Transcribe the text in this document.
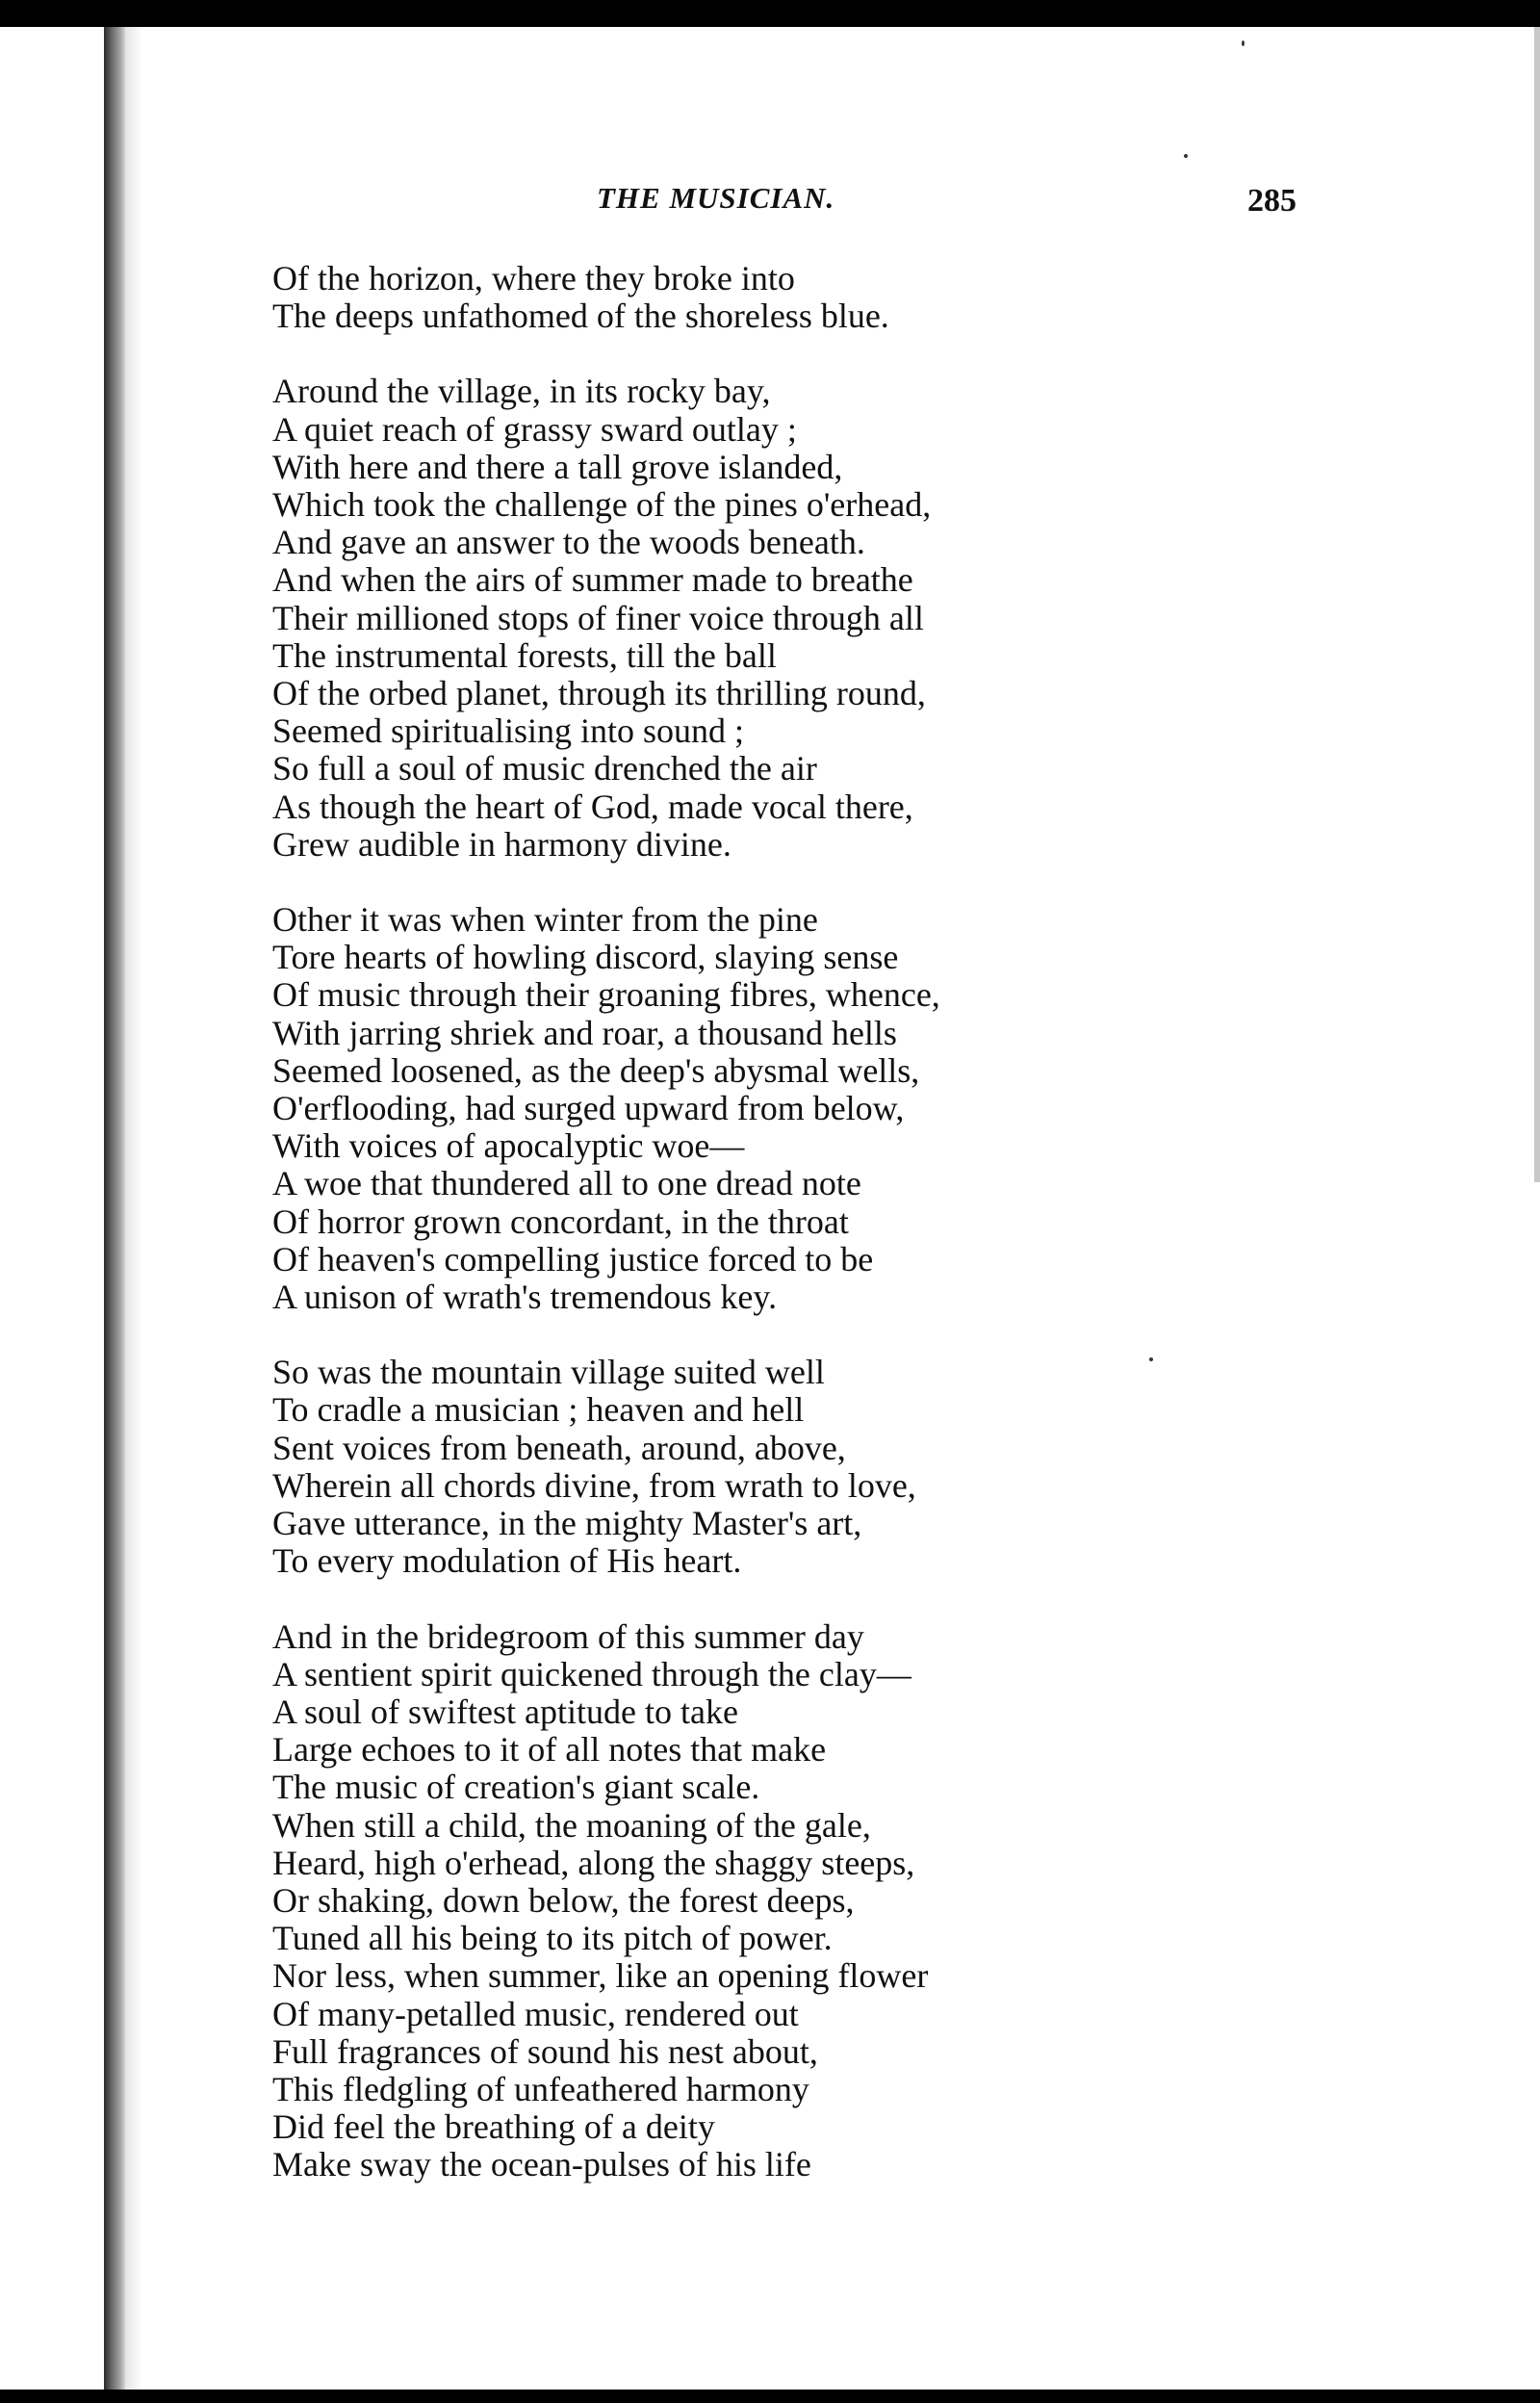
THE MUSICIAN.	285
Of the horizon, where they broke into
The deeps unfathomed of the shoreless blue.
Around the village, in its rocky bay,
A quiet reach of grassy sward outlay ;
With here and there a tall grove islanded,
Which took the challenge of the pines o'erhead,
And gave an answer to the woods beneath.
And when the airs of summer made to breathe
Their millioned stops of finer voice through all
The instrumental forests, till the ball
Of the orbed planet, through its thrilling round,
Seemed spiritualising into sound ;
So full a soul of music drenched the air
As though the heart of God, made vocal there,
Grew audible in harmony divine.
Other it was when winter from the pine
Tore hearts of howling discord, slaying sense
Of music through their groaning fibres, whence,
With jarring shriek and roar, a thousand hells
Seemed loosened, as the deep's abysmal wells,
O'erflooding, had surged upward from below,
With voices of apocalyptic woe—
A woe that thundered all to one dread note
Of horror grown concordant, in the throat
Of heaven's compelling justice forced to be
A unison of wrath's tremendous key.
So was the mountain village suited well
To cradle a musician ; heaven and hell
Sent voices from beneath, around, above,
Wherein all chords divine, from wrath to love,
Gave utterance, in the mighty Master's art,
To every modulation of His heart.
And in the bridegroom of this summer day
A sentient spirit quickened through the clay—
A soul of swiftest aptitude to take
Large echoes to it of all notes that make
The music of creation's giant scale.
When still a child, the moaning of the gale,
Heard, high o'erhead, along the shaggy steeps,
Or shaking, down below, the forest deeps,
Tuned all his being to its pitch of power.
Nor less, when summer, like an opening flower
Of many-petalled music, rendered out
Full fragrances of sound his nest about,
This fledgling of unfeathered harmony
Did feel the breathing of a deity
Make sway the ocean-pulses of his life
